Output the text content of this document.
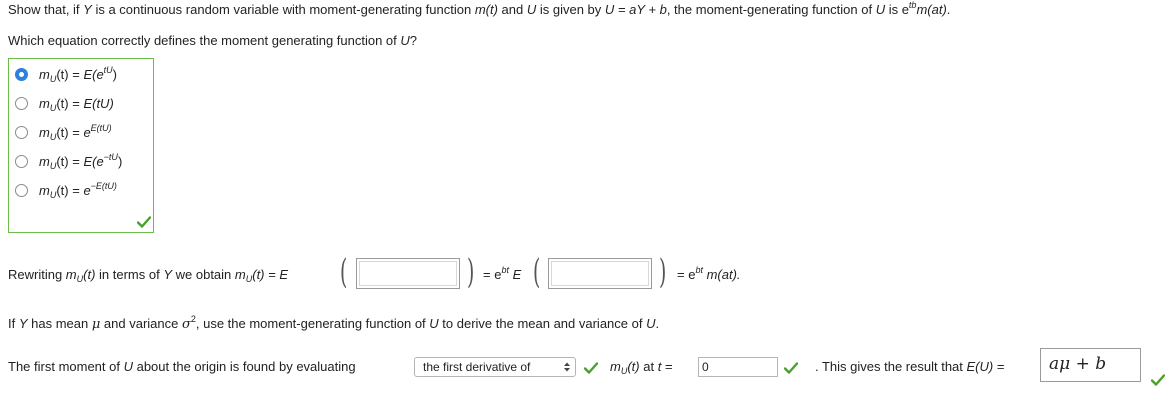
Show that, if Y is a continuous random variable with moment-generating function m(t) and U is given by U = aY + b, the moment-generating function of U is $e^{tb}m(at)$.
Which equation correctly defines the moment generating function of U?
$m_U(t) = E(e^{tU})$
$m_U(t) = E(tU)$
$m_U(t) = e^{E(tU)}$
$m_U(t) = E(e^{-tU})$
$m_U(t) = e^{-E(tU)}$
Rewriting $m_U(t)$ in terms of Y we obtain $m_U(t) = E$ (	) = $e^{bt}$ E (	) = $e^{bt}$ m(at).
If Y has mean μ and variance $\sigma^2$, use the moment-generating function of U to derive the mean and variance of U.
The first moment of U about the origin is found by evaluating	the first derivative of	$m_U(t)$ at t =	0	. This gives the result that E(U) =	aμ + b
